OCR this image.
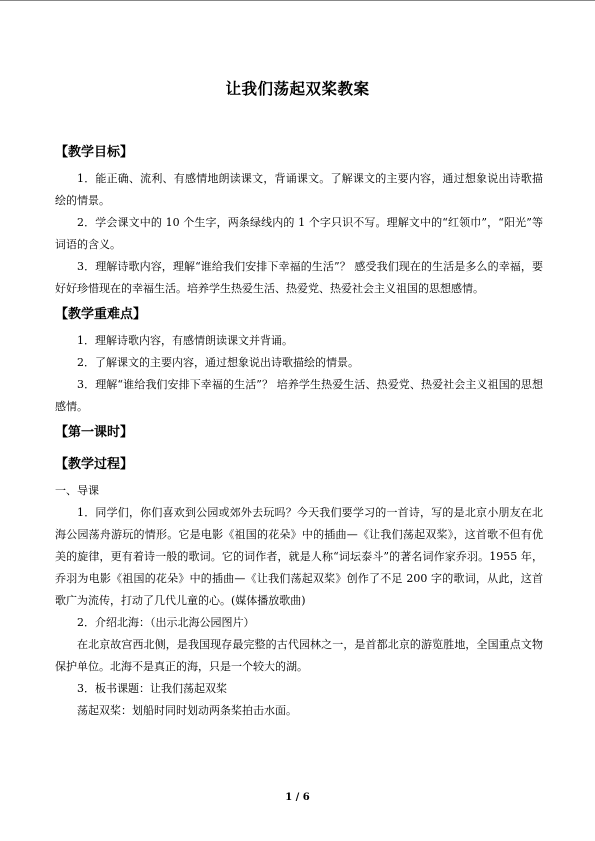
让我们荡起双桨教案

【教学目标】

1．能正确、流利、有感情地朗读课文，背诵课文。了解课文的主要内容，通过想象说出诗歌描绘的情景。

2．学会课文中的 10 个生字，两条绿线内的 1 个字只识不写。理解文中的“红领巾”，“阳光”等词语的含义。

3．理解诗歌内容，理解“谁给我们安排下幸福的生活”？ 感受我们现在的生活是多么的幸福，要好好珍惜现在的幸福生活。培养学生热爱生活、热爱党、热爱社会主义祖国的思想感情。

【教学重难点】

1．理解诗歌内容，有感情朗读课文并背诵。

2．了解课文的主要内容，通过想象说出诗歌描绘的情景。

3．理解“谁给我们安排下幸福的生活”？ 培养学生热爱生活、热爱党、热爱社会主义祖国的思想感情。

【第一课时】

【教学过程】

一、导课

1．同学们，你们喜欢到公园或郊外去玩吗？今天我们要学习的一首诗，写的是北京小朋友在北海公园荡舟游玩的情形。它是电影《祖国的花朵》中的插曲—《让我们荡起双桨》，这首歌不但有优美的旋律，更有着诗一般的歌词。它的词作者，就是人称“词坛泰斗”的著名词作家乔羽。1955 年，乔羽为电影《祖国的花朵》中的插曲—《让我们荡起双桨》创作了不足 200 字的歌词，从此，这首歌广为流传，打动了几代儿童的心。(媒体播放歌曲)

2．介绍北海：（出示北海公园图片）

在北京故宫西北侧，是我国现存最完整的古代园林之一，是首都北京的游览胜地，全国重点文物保护单位。北海不是真正的海，只是一个较大的湖。

3．板书课题：让我们荡起双桨

荡起双桨：划船时同时划动两条桨拍击水面。

1 / 6
